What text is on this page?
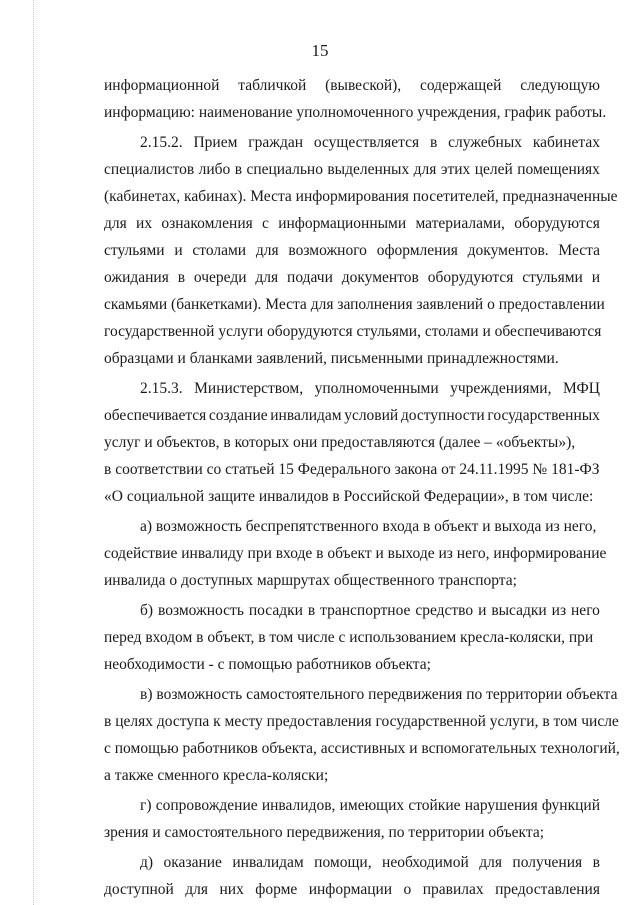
15
информационной табличкой (вывеской), содержащей следующую
информацию: наименование уполномоченного учреждения, график работы.
2.15.2. Прием граждан осуществляется в служебных кабинетах
специалистов либо в специально выделенных для этих целей помещениях
(кабинетах, кабинах). Места информирования посетителей, предназначенные
для их ознакомления с информационными материалами, оборудуются
стульями и столами для возможного оформления документов. Места
ожидания в очереди для подачи документов оборудуются стульями и
скамьями (банкетками). Места для заполнения заявлений о предоставлении
государственной услуги оборудуются стульями, столами и обеспечиваются
образцами и бланками заявлений, письменными принадлежностями.
2.15.3. Министерством, уполномоченными учреждениями, МФЦ
обеспечивается создание инвалидам условий доступности государственных
услуг и объектов, в которых они предоставляются (далее – «объекты»),
в соответствии со статьей 15 Федерального закона от 24.11.1995 № 181-ФЗ
«О социальной защите инвалидов в Российской Федерации», в том числе:
а) возможность беспрепятственного входа в объект и выхода из него,
содействие инвалиду при входе в объект и выходе из него, информирование
инвалида о доступных маршрутах общественного транспорта;
б) возможность посадки в транспортное средство и высадки из него
перед входом в объект, в том числе с использованием кресла-коляски, при
необходимости - с помощью работников объекта;
в) возможность самостоятельного передвижения по территории объекта
в целях доступа к месту предоставления государственной услуги, в том числе
с помощью работников объекта, ассистивных и вспомогательных технологий,
а также сменного кресла-коляски;
г) сопровождение инвалидов, имеющих стойкие нарушения функций
зрения и самостоятельного передвижения, по территории объекта;
д) оказание инвалидам помощи, необходимой для получения в
доступной для них форме информации о правилах предоставления
